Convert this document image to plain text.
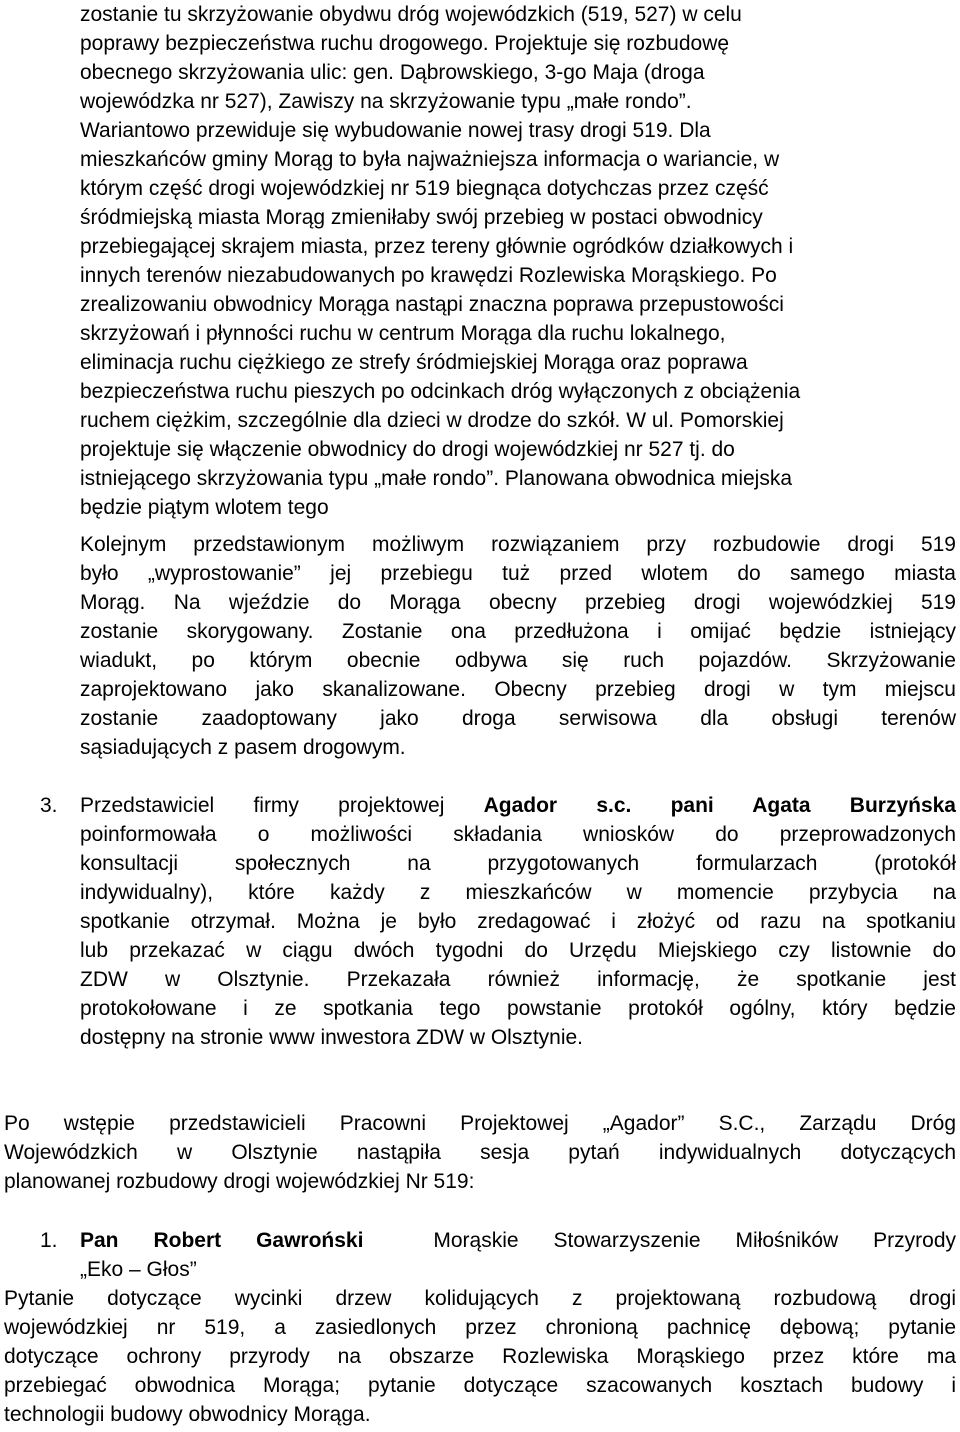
zostanie tu skrzyżowanie obydwu dróg wojewódzkich (519, 527) w celu

poprawy bezpieczeństwa ruchu drogowego. Projektuje się rozbudowę

obecnego skrzyżowania ulic: gen. Dąbrowskiego, 3-go Maja (droga

wojewódzka nr 527), Zawiszy na skrzyżowanie typu „małe rondo”.

Wariantowo przewiduje się wybudowanie nowej trasy drogi 519. Dla

mieszkańców gminy Morąg to była najważniejsza informacja o wariancie, w

którym część drogi wojewódzkiej nr 519 biegnąca dotychczas przez część

śródmiejską miasta Morąg zmieniłaby swój przebieg w postaci obwodnicy

przebiegającej skrajem miasta, przez tereny głównie ogródków działkowych i

innych terenów niezabudowanych po krawędzi Rozlewiska Morąskiego. Po

zrealizowaniu obwodnicy Morąga nastąpi znaczna poprawa przepustowości

skrzyżowań i płynności ruchu w centrum Morąga dla ruchu lokalnego,

eliminacja ruchu ciężkiego ze strefy śródmiejskiej Morąga oraz poprawa

bezpieczeństwa ruchu pieszych po odcinkach dróg wyłączonych z obciążenia

ruchem ciężkim, szczególnie dla dzieci w drodze do szkół. W ul. Pomorskiej

projektuje się włączenie obwodnicy do drogi wojewódzkiej nr 527 tj. do

istniejącego skrzyżowania typu „małe rondo”. Planowana obwodnica miejska

będzie piątym wlotem tego

Kolejnym przedstawionym możliwym rozwiązaniem przy rozbudowie drogi 519

było „wyprostowanie” jej przebiegu tuż przed wlotem do samego miasta

Morąg. Na wjeździe do Morąga obecny przebieg drogi wojewódzkiej 519

zostanie skorygowany. Zostanie ona przedłużona i omijać będzie istniejący

wiadukt, po którym obecnie odbywa się ruch pojazdów. Skrzyżowanie

zaprojektowano jako skanalizowane. Obecny przebieg drogi w tym miejscu

zostanie zaadoptowany jako droga serwisowa dla obsługi terenów

sąsiadujących z pasem drogowym.

3. Przedstawiciel firmy projektowej Agador s.c. pani Agata Burzyńska

poinformowała o możliwości składania wniosków do przeprowadzonych

konsultacji społecznych na przygotowanych formularzach (protokół

indywidualny), które każdy z mieszkańców w momencie przybycia na

spotkanie otrzymał. Można je było zredagować i złożyć od razu na spotkaniu

lub przekazać w ciągu dwóch tygodni do Urzędu Miejskiego czy listownie do

ZDW w Olsztynie. Przekazała również informację, że spotkanie jest

protokołowane i ze spotkania tego powstanie protokół ogólny, który będzie

dostępny na stronie www inwestora ZDW w Olsztynie.

Po wstępie przedstawicieli Pracowni Projektowej „Agador” S.C., Zarządu Dróg

Wojewódzkich w Olsztynie nastąpiła sesja pytań indywidualnych dotyczących

planowanej rozbudowy drogi wojewódzkiej Nr 519:

1. Pan Robert Gawroński	Morąskie Stowarzyszenie Miłośników Przyrody

„Eko – Głos”

Pytanie dotyczące wycinki drzew kolidujących z projektowaną rozbudową drogi

wojewódzkiej nr 519, a zasiedlonych przez chronioną pachnicę dębową; pytanie

dotyczące ochrony przyrody na obszarze Rozlewiska Morąskiego przez które ma

przebiegać obwodnica Morąga; pytanie dotyczące szacowanych kosztach budowy i

technologii budowy obwodnicy Morąga.
